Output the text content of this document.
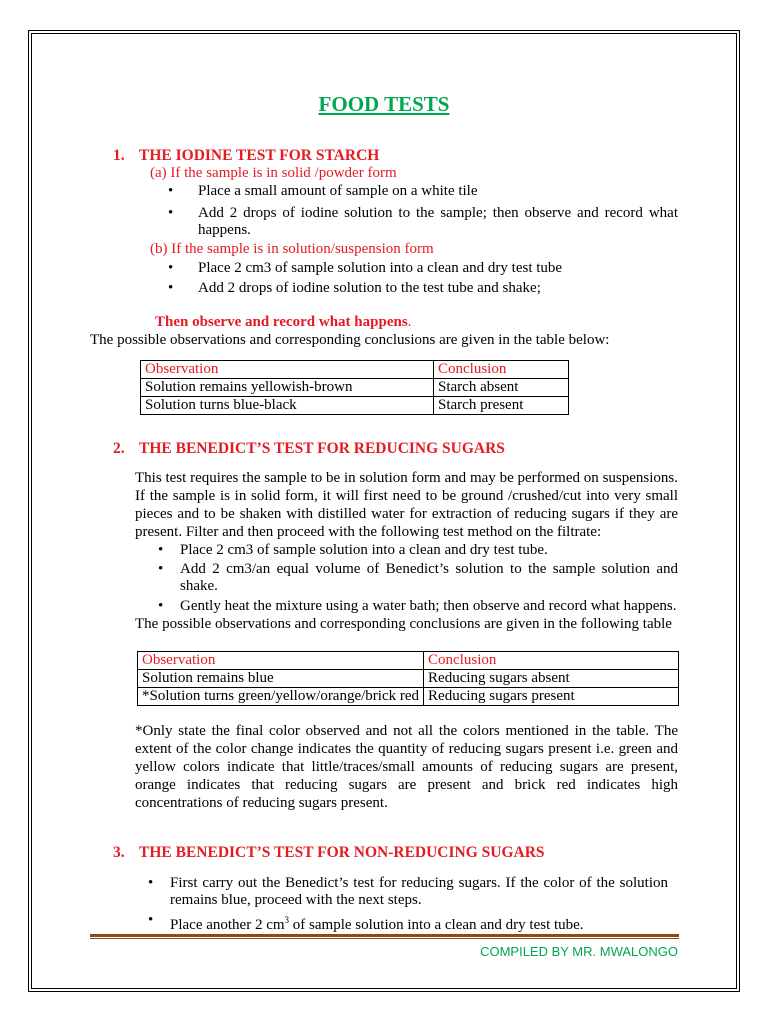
FOOD TESTS
1. THE IODINE TEST FOR STARCH
(a) If the sample is in solid /powder form
•	Place a small amount of sample on a white tile
•	Add 2 drops of iodine solution to the sample; then observe and record what happens.
(b) If the sample is in solution/suspension form
•	Place 2 cm3 of sample solution into a clean and dry test tube
•	Add 2 drops of iodine solution to the test tube and shake;
Then observe and record what happens.
The possible observations and corresponding conclusions are given in the table below:
Observation	Conclusion
Solution remains yellowish-brown	Starch absent
Solution turns blue-black	Starch present
2. THE BENEDICT’S TEST FOR REDUCING SUGARS
This test requires the sample to be in solution form and may be performed on suspensions. If the sample is in solid form, it will first need to be ground /crushed/cut into very small pieces and to be shaken with distilled water for extraction of reducing sugars if they are present. Filter and then proceed with the following test method on the filtrate:
•	Place 2 cm3 of sample solution into a clean and dry test tube.
•	Add 2 cm3/an equal volume of Benedict’s solution to the sample solution and shake.
•	Gently heat the mixture using a water bath; then observe and record what happens.
The possible observations and corresponding conclusions are given in the following table
Observation	Conclusion
Solution remains blue	Reducing sugars absent
*Solution turns green/yellow/orange/brick red	Reducing sugars present
*Only state the final color observed and not all the colors mentioned in the table. The extent of the color change indicates the quantity of reducing sugars present i.e. green and yellow colors indicate that little/traces/small amounts of reducing sugars are present, orange indicates that reducing sugars are present and brick red indicates high concentrations of reducing sugars present.
3. THE BENEDICT’S TEST FOR NON-REDUCING SUGARS
•	First carry out the Benedict’s test for reducing sugars. If the color of the solution remains blue, proceed with the next steps.
•	Place another 2 $cm^3$ of sample solution into a clean and dry test tube.
COMPILED BY MR. MWALONGO
